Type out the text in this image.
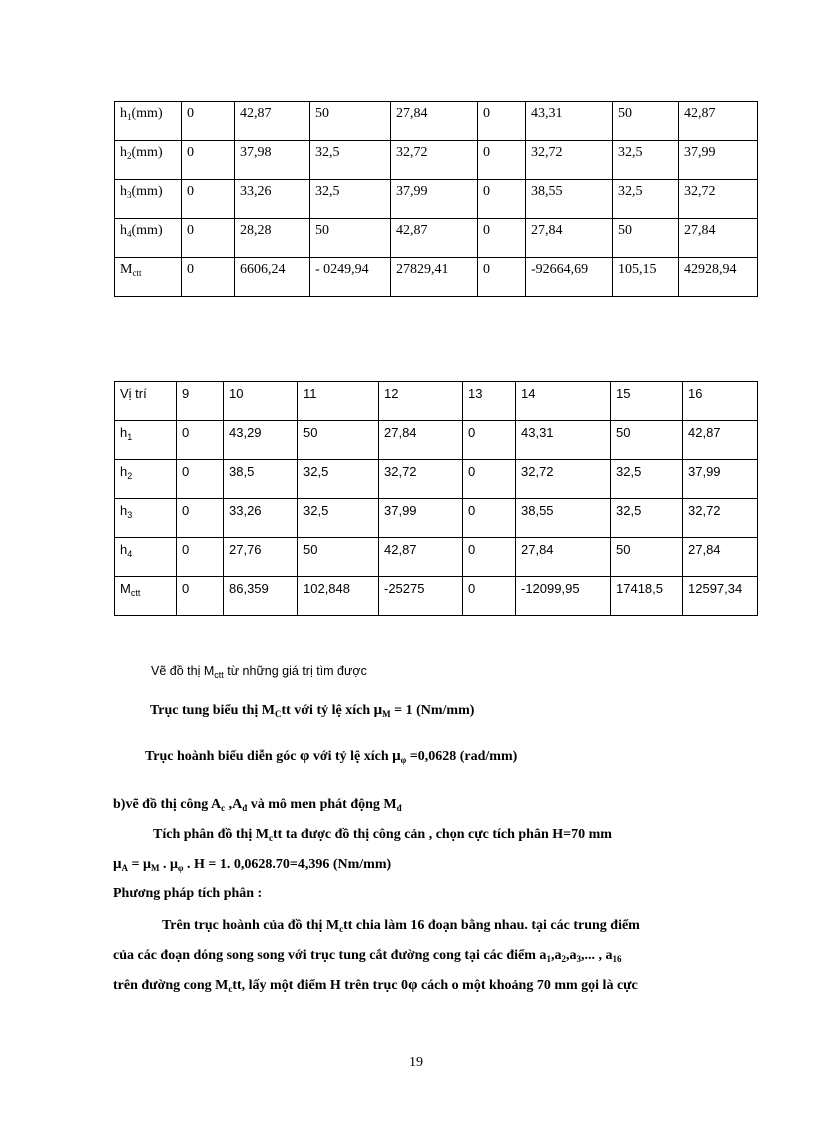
$h_1(mm)$	0	42,87	50	27,84	0	43,31	50	42,87
$h_2(mm)$	0	37,98	32,5	32,72	0	32,72	32,5	37,99
$h_3(mm)$	0	33,26	32,5	37,99	0	38,55	32,5	32,72
$h_4(mm)$	0	28,28	50	42,87	0	27,84	50	27,84
$M_{ctt}$	0	6606,24	- 0249,94	27829,41	0	-92664,69	105,15	42928,94
Vị trí	9	10	11	12	13	14	15	16
$h_1$	0	43,29	50	27,84	0	43,31	50	42,87
$h_2$	0	38,5	32,5	32,72	0	32,72	32,5	37,99
$h_3$	0	33,26	32,5	37,99	0	38,55	32,5	32,72
$h_4$	0	27,76	50	42,87	0	27,84	50	27,84
$M_{ctt}$	0	86,359	102,848	-25275	0	-12099,95	17418,5	12597,34
Vẽ đồ thị $M_{ctt}$ từ những giá trị tìm được
Trục tung biểu thị $M_Ctt$ với tỷ lệ xích $\mu_M = 1$ (Nm/mm)
Trục hoành biểu diễn góc φ với tỷ lệ xích $\mu_\varphi =0,0628$ (rad/mm)
b)vẽ đồ thị công $A_c$ $,A_đ$ và mô men phát động $M_đ$
Tích phân đồ thị $M_ctt$ ta được đồ thị công cản , chọn cực tích phân H=70 mm
$\mu_A = \mu_M$ . $\mu_\varphi$ . H = 1. 0,0628.70=4,396 (Nm/mm)
Phương pháp tích phân :
Trên trục hoành của đồ thị $M_ctt$ chia làm 16 đoạn bằng nhau. tại các trung điểm
của các đoạn dóng song song với trục tung cắt đường cong tại các điểm $a_1,a_2,a_3$,... , $a_{16}$
trên đường cong $M_ctt$, lấy một điểm H trên trục 0φ cách o một khoảng 70 mm gọi là cực
19
